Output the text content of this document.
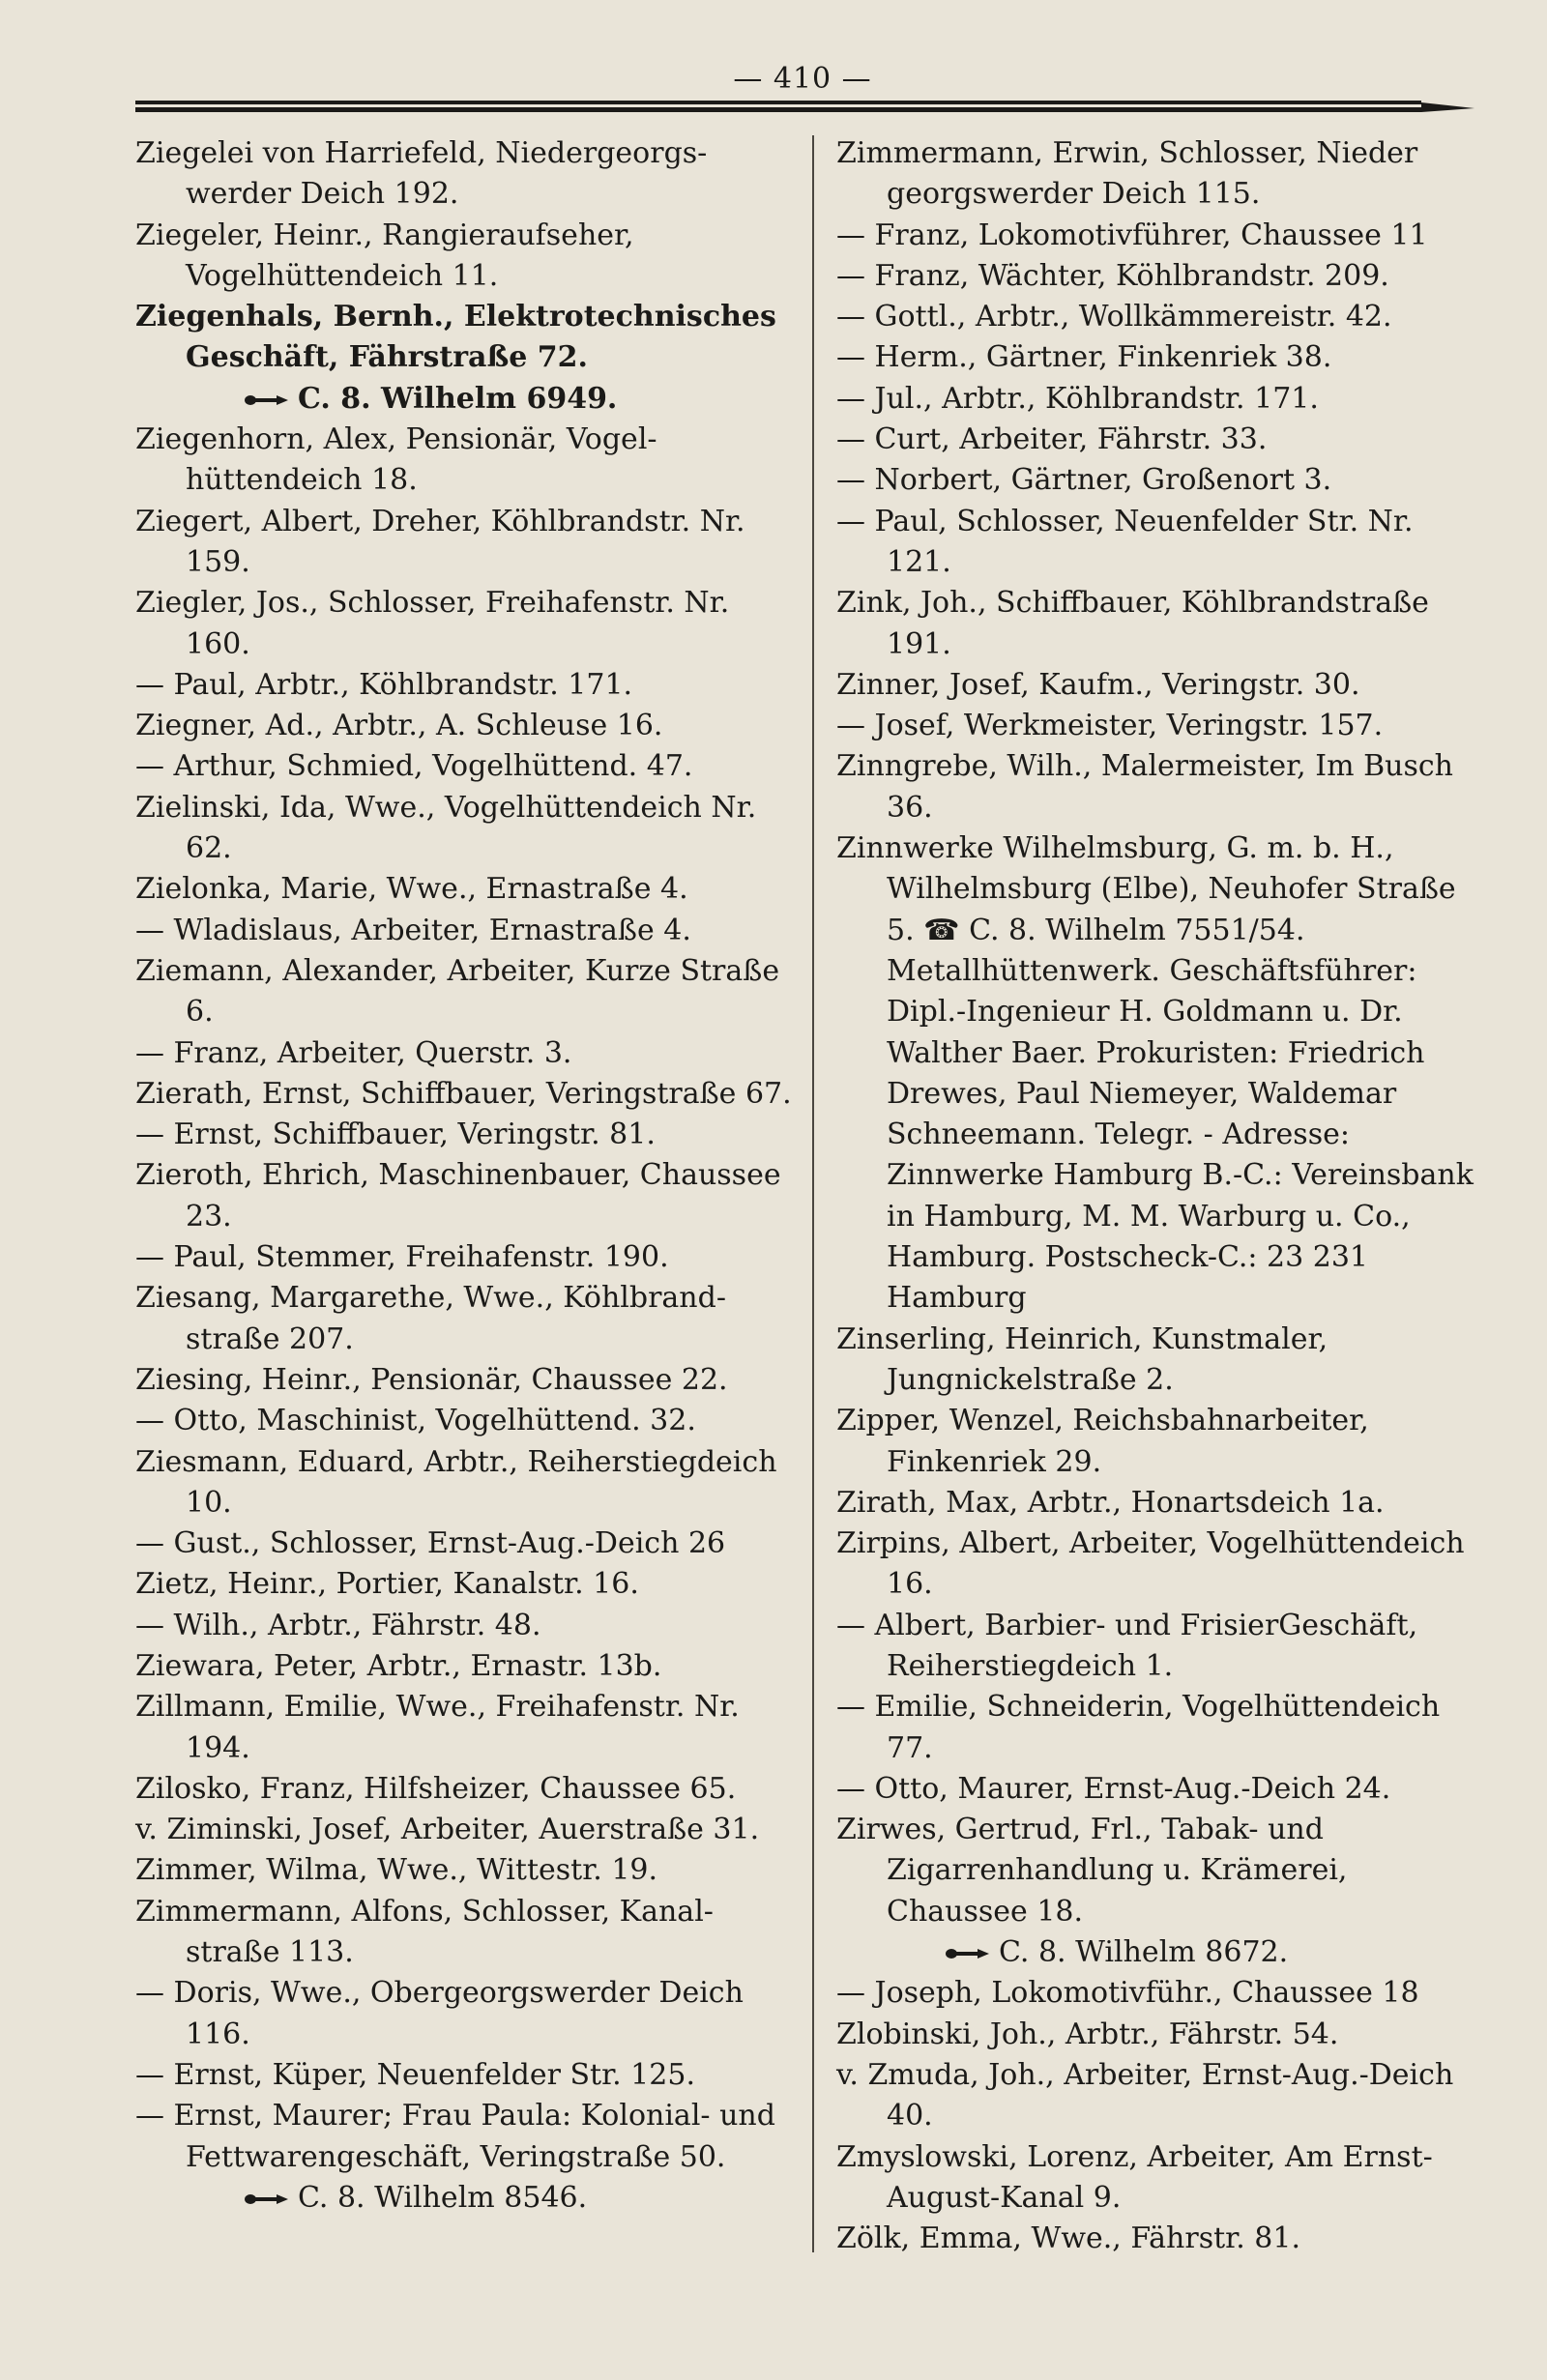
— 410 —
Ziegelei von Harriefeld, Niedergeorgswerder Deich 192.
Ziegeler, Heinr., Rangieraufseher, Vogelhüttendeich 11.
Ziegenhals, Bernh., Elektrotechnisches Geschäft, Fährstraße 72.
C. 8. Wilhelm 6949.
Ziegenhorn, Alex, Pensionär, Vogelhüttendeich 18.
Ziegert, Albert, Dreher, Köhlbrandstr. Nr. 159.
Ziegler, Jos., Schlosser, Freihafenstr. Nr. 160.
— Paul, Arbtr., Köhlbrandstr. 171.
Ziegner, Ad., Arbtr., A. Schleuse 16.
— Arthur, Schmied, Vogelhüttend. 47.
Zielinski, Ida, Wwe., Vogelhüttendeich Nr. 62.
Zielonka, Marie, Wwe., Ernastraße 4.
— Wladislaus, Arbeiter, Ernastraße 4.
Ziemann, Alexander, Arbeiter, Kurze Straße 6.
— Franz, Arbeiter, Querstr. 3.
Zierath, Ernst, Schiffbauer, Veringstraße 67.
— Ernst, Schiffbauer, Veringstr. 81.
Zieroth, Ehrich, Maschinenbauer, Chaussee 23.
— Paul, Stemmer, Freihafenstr. 190.
Ziesang, Margarethe, Wwe., Köhlbrandstraße 207.
Ziesing, Heinr., Pensionär, Chaussee 22.
— Otto, Maschinist, Vogelhüttend. 32.
Ziesmann, Eduard, Arbtr., Reiherstiegdeich 10.
— Gust., Schlosser, Ernst-Aug.-Deich 26
Zietz, Heinr., Portier, Kanalstr. 16.
— Wilh., Arbtr., Fährstr. 48.
Ziewara, Peter, Arbtr., Ernastr. 13b.
Zillmann, Emilie, Wwe., Freihafenstr. Nr. 194.
Zilosko, Franz, Hilfsheizer, Chaussee 65.
v. Ziminski, Josef, Arbeiter, Auerstraße 31.
Zimmer, Wilma, Wwe., Wittestr. 19.
Zimmermann, Alfons, Schlosser, Kanalstraße 113.
— Doris, Wwe., Obergeorgswerder Deich 116.
— Ernst, Küper, Neuenfelder Str. 125.
— Ernst, Maurer; Frau Paula: Kolonial- und Fettwarengeschäft, Veringstraße 50.
C. 8. Wilhelm 8546.
Zimmermann, Erwin, Schlosser, Nieder georgswerder Deich 115.
— Franz, Lokomotivführer, Chaussee 11
— Franz, Wächter, Köhlbrandstr. 209.
— Gottl., Arbtr., Wollkämmereistr. 42.
— Herm., Gärtner, Finkenriek 38.
— Jul., Arbtr., Köhlbrandstr. 171.
— Curt, Arbeiter, Fährstr. 33.
— Norbert, Gärtner, Großenort 3.
— Paul, Schlosser, Neuenfelder Str. Nr. 121.
Zink, Joh., Schiffbauer, Köhlbrandstraße 191.
Zinner, Josef, Kaufm., Veringstr. 30.
— Josef, Werkmeister, Veringstr. 157.
Zinngrebe, Wilh., Malermeister, Im Busch 36.
Zinnwerke Wilhelmsburg, G. m. b. H., Wilhelmsburg (Elbe), Neuhofer Straße 5. ☎ C. 8. Wilhelm 7551/54. Metallhüttenwerk. Geschäftsführer: Dipl.-Ingenieur H. Goldmann u. Dr. Walther Baer. Prokuristen: Friedrich Drewes, Paul Niemeyer, Waldemar Schneemann. Telegr. - Adresse: Zinnwerke Hamburg B.-C.: Vereinsbank in Hamburg, M. M. Warburg u. Co., Hamburg. Postscheck-C.: 23 231 Hamburg
Zinserling, Heinrich, Kunstmaler, Jungnickelstraße 2.
Zipper, Wenzel, Reichsbahnarbeiter, Finkenriek 29.
Zirath, Max, Arbtr., Honartsdeich 1a.
Zirpins, Albert, Arbeiter, Vogelhüttendeich 16.
— Albert, Barbier- und FrisierGeschäft, Reiherstiegdeich 1.
— Emilie, Schneiderin, Vogelhüttendeich 77.
— Otto, Maurer, Ernst-Aug.-Deich 24.
Zirwes, Gertrud, Frl., Tabak- und Zigarrenhandlung u. Krämerei, Chaussee 18.
C. 8. Wilhelm 8672.
— Joseph, Lokomotivführ., Chaussee 18
Zlobinski, Joh., Arbtr., Fährstr. 54.
v. Zmuda, Joh., Arbeiter, Ernst-Aug.-Deich 40.
Zmyslowski, Lorenz, Arbeiter, Am Ernst-August-Kanal 9.
Zölk, Emma, Wwe., Fährstr. 81.
